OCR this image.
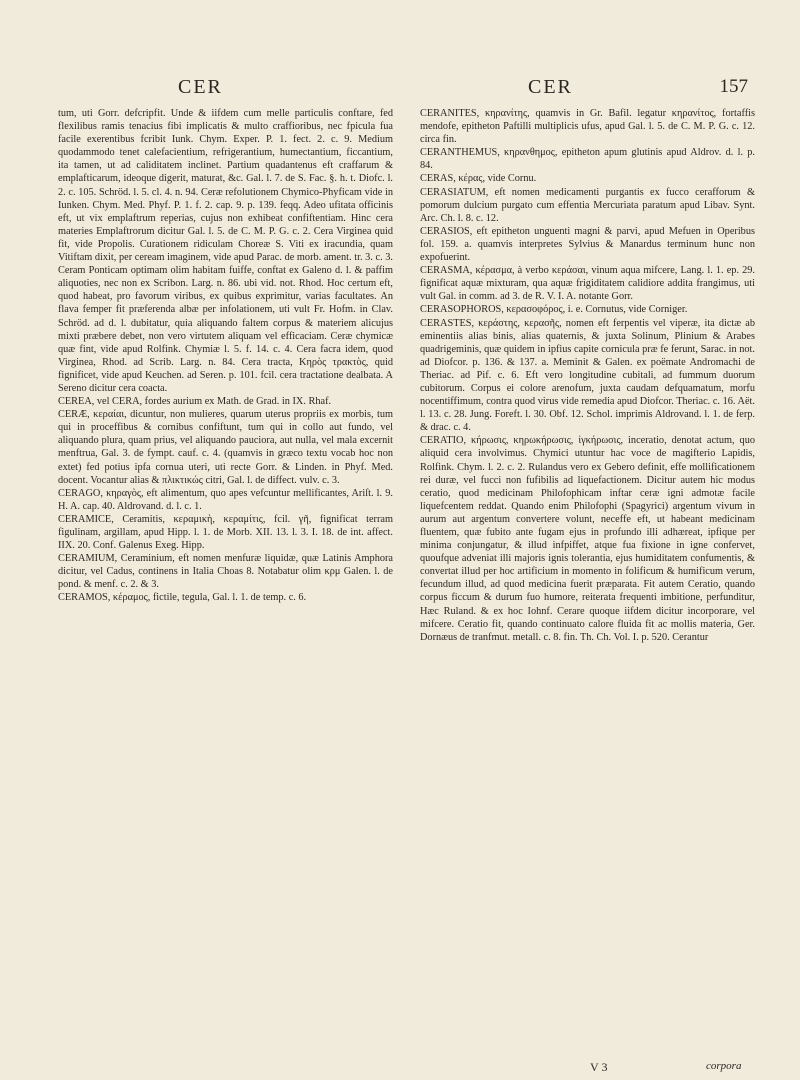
CER	CER	157

tum, uti Gorr. defcripfit. Unde & iifdem cum melle particulis conftare, fed flexilibus ramis tenacius fibi implicatis & multo craffioribus, nec fpicula fua facile exerentibus fcribit Iunk. Chym. Exper. P. 1. fect. 2. c. 9. Medium quodammodo tenet calefacientium, refrigerantium, humectantium, ficcantium, ita tamen, ut ad caliditatem inclinet. Partium quadantenus eft craffarum & emplafticarum, ideoque digerit, maturat, &c. Gal. l. 7. de S. Fac. §. h. t. Diofc. l. 2. c. 105. Schröd. l. 5. cl. 4. n. 94. Ceræ refolutionem Chymico-Phyficam vide in Iunken. Chym. Med. Phyf. P. 1. f. 2. cap. 9. p. 139. feqq. Adeo ufitata officinis eft, ut vix emplaftrum reperias, cujus non exhibeat confiftentiam. Hinc cera materies Emplaftrorum dicitur Gal. l. 5. de C. M. P. G. c. 2. Cera Virginea quid fit, vide Propolis. Curationem ridiculam Choreæ S. Viti ex iracundia, quam Vitiftam dixit, per ceream imaginem, vide apud Parac. de morb. ament. tr. 3. c. 3. Ceram Ponticam optimam olim habitam fuiffe, conftat ex Galeno d. l. & paffim aliquoties, nec non ex Scribon. Larg. n. 86. ubi vid. not. Rhod. Hoc certum eft, quod habeat, pro favorum viribus, ex quibus exprimitur, varias facultates. An flava femper fit præferenda albæ per infolationem, uti vult Fr. Hofm. in Clav. Schröd. ad d. l. dubitatur, quia aliquando faltem corpus & materiem alicujus mixti præbere debet, non vero virtutem aliquam vel efficaciam. Ceræ chymicæ quæ fint, vide apud Rolfink. Chymiæ l. 5. f. 14. c. 4. Cera facra idem, quod Virginea, Rhod. ad Scrib. Larg. n. 84. Cera tracta, Κηρὸς τρακτὸς, quid fignificet, vide apud Keuchen. ad Seren. p. 101. fcil. cera tractatione dealbata. A Sereno dicitur cera coacta.

CEREA, vel CERA, fordes aurium ex Math. de Grad. in IX. Rhaf.

CERÆ, κεραίαι, dicuntur, non mulieres, quarum uterus propriis ex morbis, tum qui in proceffibus & cornibus confiftunt, tum qui in collo aut fundo, vel aliquando plura, quam prius, vel aliquando pauciora, aut nulla, vel mala excernit menftrua, Gal. 3. de fympt. cauf. c. 4. (quamvis in græco textu vocab hoc non extet) fed potius ipfa cornua uteri, uti recte Gorr. & Linden. in Phyf. Med. docent. Vocantur alias & πλικτικώς citri, Gal. l. de diffect. vulv. c. 3.

CERAGO, κηραγὸς, eft alimentum, quo apes vefcuntur mellificantes, Ariſt. l. 9. H. A. cap. 40. Aldrovand. d. l. c. 1.

CERAMICE, Ceramitis, κεραμικὴ, κεραμίτις, fcil. γῆ, fignificat terram figulinam, argillam, apud Hipp. l. 1. de Morb. XII. 13. l. 3. I. 18. de int. affect. IIX. 20. Conf. Galenus Exeg. Hipp.

CERAMIUM, Ceraminium, eft nomen menfuræ liquidæ, quæ Latinis Amphora dicitur, vel Cadus, continens in Italia Choas 8. Notabatur olim κρμ Galen. l. de pond. & menf. c. 2. & 3.

CERAMOS, κέραμος, fictile, tegula, Gal. l. 1. de temp. c. 6.

CERANITES, κηρανίτης, quamvis in Gr. Bafil. legatur κηρανίτος, fortaffis mendofe, epitheton Paftilli multiplicis ufus, apud Gal. l. 5. de C. M. P. G. c. 12. circa fin.

CERANTHEMUS, κηρανθημος, epitheton apum glutinis apud Aldrov. d. l. p. 84.

CERAS, κέρας, vide Cornu.

CERASIATUM, eft nomen medicamenti purgantis ex fucco cerafforum & pomorum dulcium purgato cum effentia Mercuriata paratum apud Libav. Synt. Arc. Ch. l. 8. c. 12.

CERASIOS, eft epitheton unguenti magni & parvi, apud Mefuen in Operibus fol. 159. a. quamvis interpretes Sylvius & Manardus terminum hunc non expofuerint.

CERASMA, κέρασμα, à verbo κεράσαι, vinum aqua mifcere, Lang. l. 1. ep. 29. fignificat aquæ mixturam, qua aquæ frigiditatem calidiore addita frangimus, uti vult Gal. in comm. ad 3. de R. V. I. A. notante Gorr.

CERASOPHOROS, κερασοφόρος, i. e. Cornutus, vide Corniger.

CERASTES, κεράστης, κερασῆς, nomen eft ferpentis vel viperæ, ita dictæ ab eminentiis alias binis, alias quaternis, & juxta Solinum, Plinium & Arabes quadrigeminis, quæ quidem in ipfius capite cornicula præ fe ferunt, Sarac. in not. ad Diofcor. p. 136. & 137. a. Meminit & Galen. ex poëmate Andromachi de Theriac. ad Pif. c. 6. Eft vero longitudine cubitali, ad fummum duorum cubitorum. Corpus ei colore arenofum, juxta caudam defquamatum, morfu nocentiffimum, contra quod virus vide remedia apud Diofcor. Theriac. c. 16. Aët. l. 13. c. 28. Jung. Foreft. l. 30. Obf. 12. Schol. imprimis Aldrovand. l. 1. de ferp. & drac. c. 4.

CERATIO, κήρωσις, κηρωκήρωσις, ἰγκήρωσις, inceratio, denotat actum, quo aliquid cera involvimus. Chymici utuntur hac voce de magifterio Lapidis, Rolfink. Chym. l. 2. c. 2. Rulandus vero ex Gebero definit, effe mollificationem rei duræ, vel fucci non fufibilis ad liquefactionem. Dicitur autem hic modus ceratio, quod medicinam Philofophicam inftar ceræ igni admotæ facile liquefcentem reddat. Quando enim Philofophi (Spagyrici) argentum vivum in aurum aut argentum convertere volunt, neceffe eft, ut habeant medicinam fluentem, quæ fubito ante fugam ejus in profundo illi adhæreat, ipfique per minima conjungatur, & illud infpiffet, atque fua fixione in igne confervet, quoufque adveniat illi majoris ignis tolerantia, ejus humiditatem confumentis, & convertat illud per hoc artificium in momento in folificum & humificum verum, fecundum illud, ad quod medicina fuerit præparata. Fit autem Ceratio, quando corpus ficcum & durum fuo humore, reiterata frequenti imbitione, perfunditur, Hæc Ruland. & ex hoc Iohnf. Cerare quoque iifdem dicitur incorporare, vel mifcere. Ceratio fit, quando continuato calore fluida fit ac mollis materia, Ger. Dornæus de tranfmut. metall. c. 8. fin. Th. Ch. Vol. I. p. 520. Cerantur

V 3	corpora
